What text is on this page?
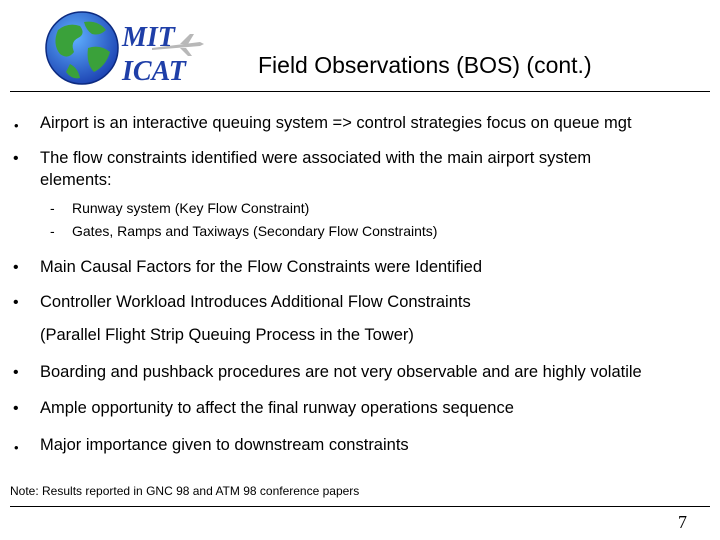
MIT
ICAT	Field Observations (BOS) (cont.)
• Airport is an interactive queuing system => control strategies focus on queue mgt
• The flow constraints identified were associated with the main airport system
elements:
- Runway system (Key Flow Constraint)
- Gates, Ramps and Taxiways (Secondary Flow Constraints)
• Main Causal Factors for the Flow Constraints were Identified
• Controller Workload Introduces Additional Flow Constraints
(Parallel Flight Strip Queuing Process in the Tower)
• Boarding and pushback procedures are not very observable and are highly volatile
• Ample opportunity to affect the final runway operations sequence
• Major importance given to downstream constraints
Note: Results reported in GNC 98 and ATM 98 conference papers
7
